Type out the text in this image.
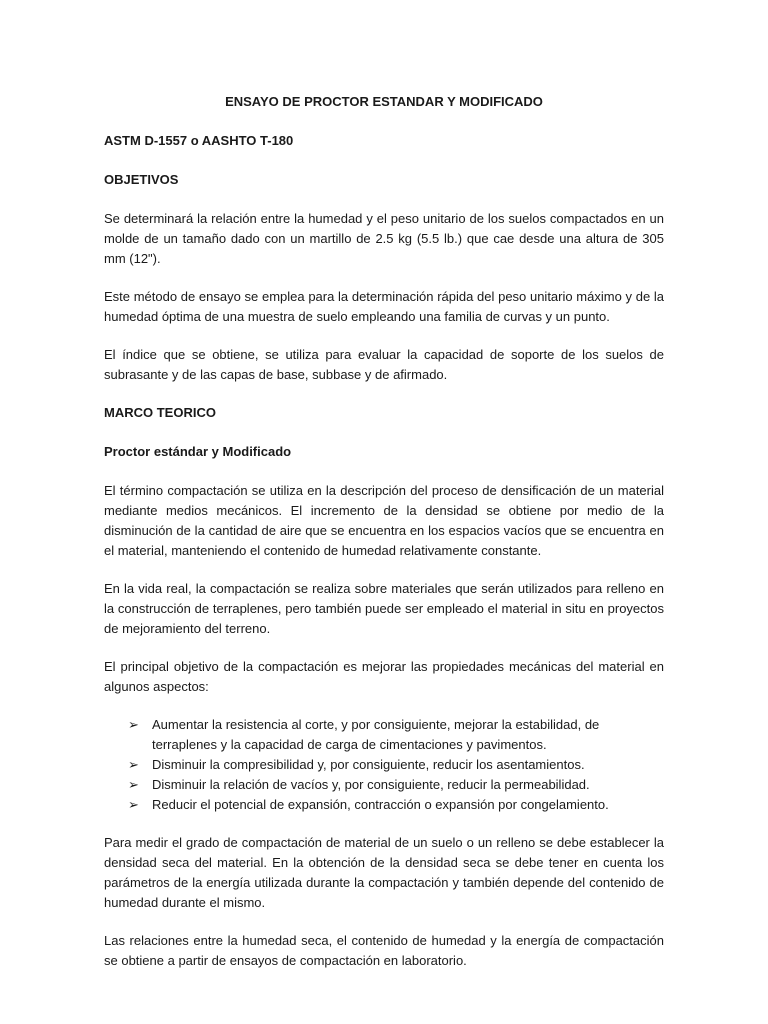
ENSAYO DE PROCTOR ESTANDAR Y MODIFICADO
ASTM D-1557 o AASHTO T-180
OBJETIVOS

Se determinará la relación entre la humedad y el peso unitario de los suelos compactados en un molde de un tamaño dado con un martillo de 2.5 kg (5.5 lb.) que cae desde una altura de 305 mm (12").

Este método de ensayo se emplea para la determinación rápida del peso unitario máximo y de la humedad óptima de una muestra de suelo empleando una familia de curvas y un punto.

El índice que se obtiene, se utiliza para evaluar la capacidad de soporte de los suelos de subrasante y de las capas de base, subbase y de afirmado.

MARCO TEORICO
Proctor estándar y Modificado

El término compactación se utiliza en la descripción del proceso de densificación de un material mediante medios mecánicos. El incremento de la densidad se obtiene por medio de la disminución de la cantidad de aire que se encuentra en los espacios vacíos que se encuentra en el material, manteniendo el contenido de humedad relativamente constante.

En la vida real, la compactación se realiza sobre materiales que serán utilizados para relleno en la construcción de terraplenes, pero también puede ser empleado el material in situ en proyectos de mejoramiento del terreno.

El principal objetivo de la compactación es mejorar las propiedades mecánicas del material en algunos aspectos:

➢ Aumentar la resistencia al corte, y por consiguiente, mejorar la estabilidad, de terraplenes y la capacidad de carga de cimentaciones y pavimentos.
➢ Disminuir la compresibilidad y, por consiguiente, reducir los asentamientos.
➢ Disminuir la relación de vacíos y, por consiguiente, reducir la permeabilidad.
➢ Reducir el potencial de expansión, contracción o expansión por congelamiento.

Para medir el grado de compactación de material de un suelo o un relleno se debe establecer la densidad seca del material. En la obtención de la densidad seca se debe tener en cuenta los parámetros de la energía utilizada durante la compactación y también depende del contenido de humedad durante el mismo.

Las relaciones entre la humedad seca, el contenido de humedad y la energía de compactación se obtiene a partir de ensayos de compactación en laboratorio.
